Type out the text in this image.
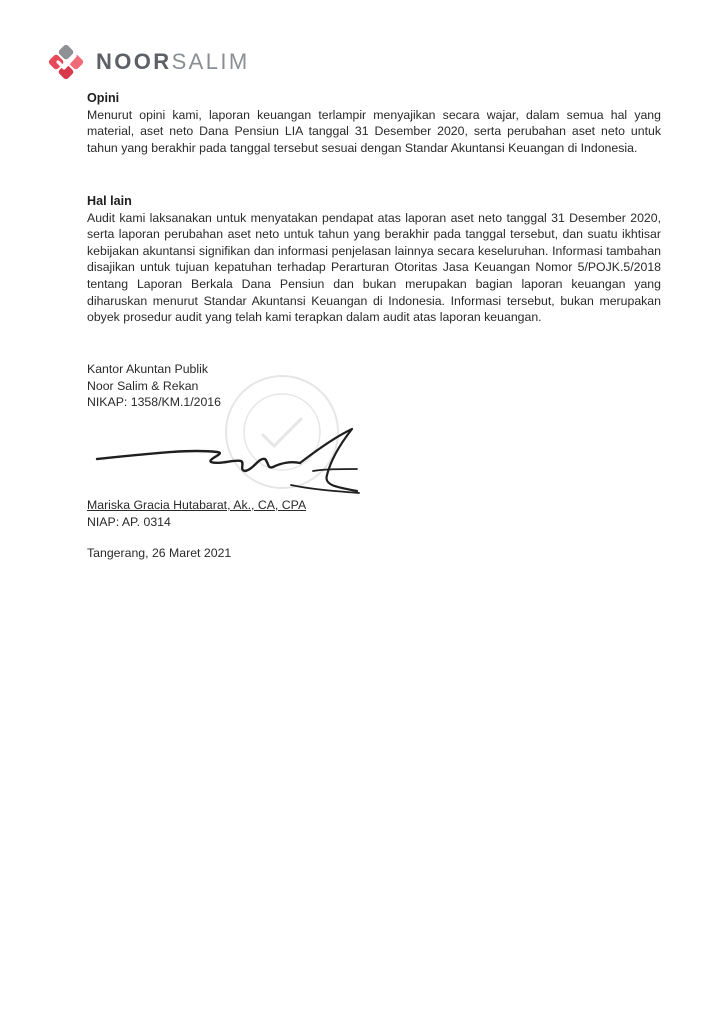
NOORSALIM
Opini
Menurut opini kami, laporan keuangan terlampir menyajikan secara wajar, dalam semua hal yang
material, aset neto Dana Pensiun LIA tanggal 31 Desember 2020, serta perubahan aset neto untuk
tahun yang berakhir pada tanggal tersebut sesuai dengan Standar Akuntansi Keuangan di Indonesia.
Hal lain
Audit kami laksanakan untuk menyatakan pendapat atas laporan aset neto tanggal 31 Desember 2020,
serta laporan perubahan aset neto untuk tahun yang berakhir pada tanggal tersebut, dan suatu ikhtisar
kebijakan akuntansi signifikan dan informasi penjelasan lainnya secara keseluruhan. Informasi tambahan
disajikan untuk tujuan kepatuhan terhadap Perarturan Otoritas Jasa Keuangan Nomor 5/POJK.5/2018
tentang Laporan Berkala Dana Pensiun dan bukan merupakan bagian laporan keuangan yang
diharuskan menurut Standar Akuntansi Keuangan di Indonesia. Informasi tersebut, bukan merupakan
obyek prosedur audit yang telah kami terapkan dalam audit atas laporan keuangan.
Kantor Akuntan Publik
Noor Salim & Rekan
NIKAP: 1358/KM.1/2016
Mariska Gracia Hutabarat, Ak., CA, CPA
NIAP: AP. 0314
Tangerang, 26 Maret 2021
